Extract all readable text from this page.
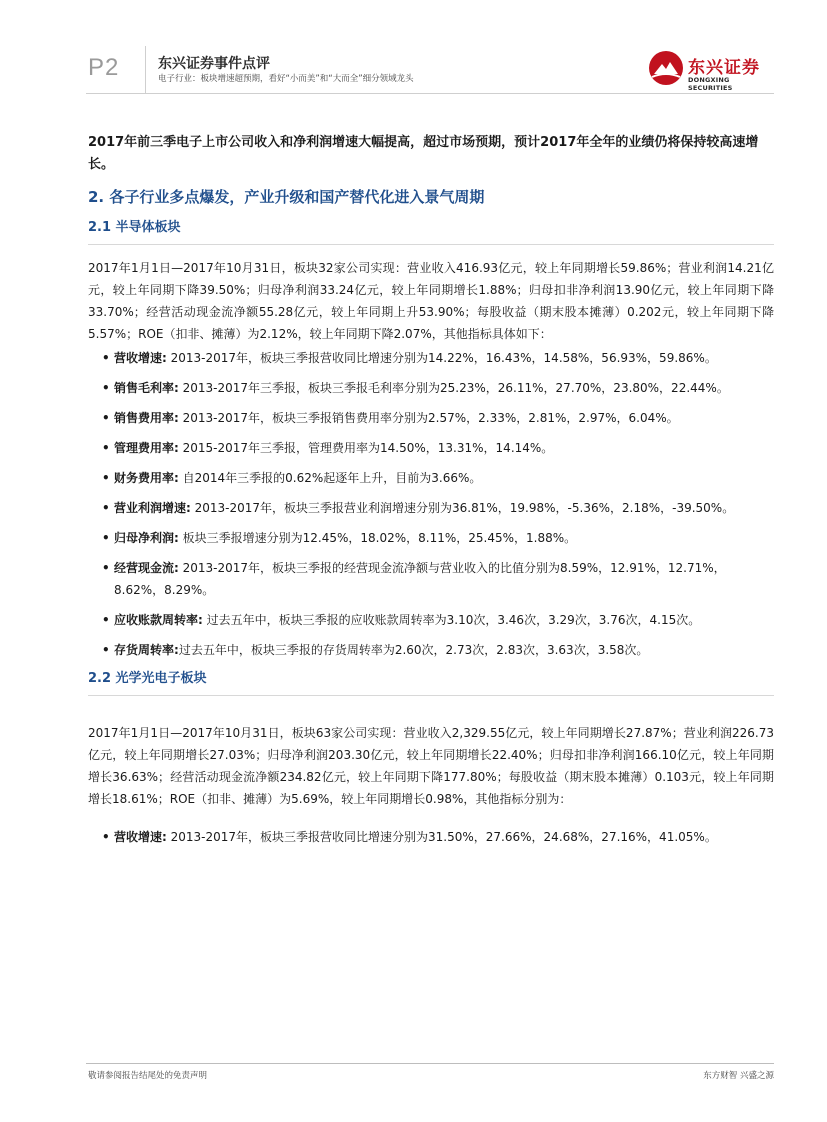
P2	东兴证券事件点评
电子行业：板块增速超预期，看好“小而美”和“大而全”细分领域龙头
东兴证券
DONGXING SECURITIES

2017年前三季电子上市公司收入和净利润增速大幅提高，超过市场预期，预计2017年全年的业绩仍将保持较高速增长。

2. 各子行业多点爆发，产业升级和国产替代化进入景气周期
2.1 半导体板块

2017年1月1日—2017年10月31日，板块32家公司实现：营业收入416.93亿元，较上年同期增长59.86%；营业利润14.21亿元，较上年同期下降39.50%；归母净利润33.24亿元，较上年同期增长1.88%；归母扣非净利润13.90亿元，较上年同期下降33.70%；经营活动现金流净额55.28亿元，较上年同期上升53.90%；每股收益（期末股本摊薄）0.202元，较上年同期下降5.57%；ROE（扣非、摊薄）为2.12%，较上年同期下降2.07%，其他指标具体如下：

• 营收增速: 2013-2017年，板块三季报营收同比增速分别为14.22%，16.43%，14.58%，56.93%，59.86%。
• 销售毛利率: 2013-2017年三季报，板块三季报毛利率分别为25.23%，26.11%，27.70%，23.80%，22.44%。
• 销售费用率: 2013-2017年，板块三季报销售费用率分别为2.57%，2.33%，2.81%，2.97%，6.04%。
• 管理费用率: 2015-2017年三季报，管理费用率为14.50%，13.31%，14.14%。
• 财务费用率: 自2014年三季报的0.62%起逐年上升，目前为3.66%。
• 营业利润增速: 2013-2017年，板块三季报营业利润增速分别为36.81%，19.98%，-5.36%，2.18%，-39.50%。
• 归母净利润: 板块三季报增速分别为12.45%，18.02%，8.11%，25.45%，1.88%。
• 经营现金流: 2013-2017年，板块三季报的经营现金流净额与营业收入的比值分别为8.59%，12.91%，12.71%，8.62%，8.29%。
• 应收账款周转率: 过去五年中，板块三季报的应收账款周转率为3.10次，3.46次，3.29次，3.76次，4.15次。
• 存货周转率:过去五年中，板块三季报的存货周转率为2.60次，2.73次，2.83次，3.63次，3.58次。
2.2 光学光电子板块

2017年1月1日—2017年10月31日，板块63家公司实现：营业收入2,329.55亿元，较上年同期增长27.87%；营业利润226.73亿元，较上年同期增长27.03%；归母净利润203.30亿元，较上年同期增长22.40%；归母扣非净利润166.10亿元，较上年同期增长36.63%；经营活动现金流净额234.82亿元，较上年同期下降177.80%；每股收益（期末股本摊薄）0.103元，较上年同期增长18.61%；ROE（扣非、摊薄）为5.69%，较上年同期增长0.98%，其他指标分别为：

• 营收增速: 2013-2017年，板块三季报营收同比增速分别为31.50%，27.66%，24.68%，27.16%，41.05%。
敬请参阅报告结尾处的免责声明	东方财智 兴盛之源
